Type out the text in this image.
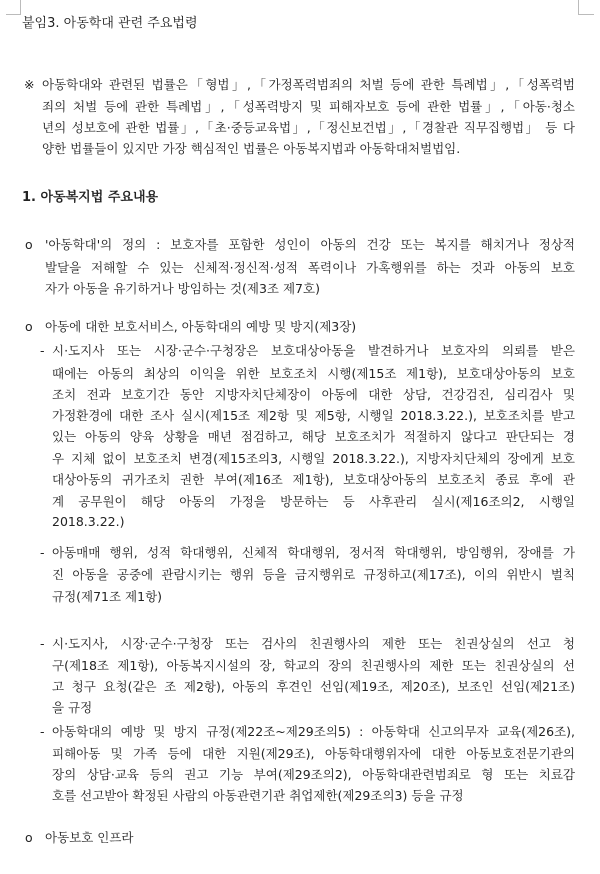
붙임3. 아동학대 관련 주요법령
※ 아동학대와 관련된 법률은「형법」,「가정폭력범죄의 처벌 등에 관한 특례법」,「성폭력범
죄의 처벌 등에 관한 특례법」,「성폭력방지 및 피해자보호 등에 관한 법률」,「아동·청소
년의 성보호에 관한 법률」,「초·중등교육법」,「정신보건법」,「경찰관 직무집행법」 등 다
양한 법률들이 있지만 가장 핵심적인 법률은 아동복지법과 아동학대처벌법임.
1. 아동복지법 주요내용
o '아동학대'의 정의 : 보호자를 포함한 성인이 아동의 건강 또는 복지를 해치거나 정상적
발달을 저해할 수 있는 신체적·정신적·성적 폭력이나 가혹행위를 하는 것과 아동의 보호
자가 아동을 유기하거나 방임하는 것(제3조 제7호)
o 아동에 대한 보호서비스, 아동학대의 예방 및 방지(제3장)
- 시·도지사 또는 시장·군수·구청장은 보호대상아동을 발견하거나 보호자의 의뢰를 받은
때에는 아동의 최상의 이익을 위한 보호조치 시행(제15조 제1항), 보호대상아동의 보호
조치 전과 보호기간 동안 지방자치단체장이 아동에 대한 상담, 건강검진, 심리검사 및
가정환경에 대한 조사 실시(제15조 제2항 및 제5항, 시행일 2018.3.22.), 보호조치를 받고
있는 아동의 양육 상황을 매년 점검하고, 해당 보호조치가 적절하지 않다고 판단되는 경
우 지체 없이 보호조치 변경(제15조의3, 시행일 2018.3.22.), 지방자치단체의 장에게 보호
대상아동의 귀가조치 권한 부여(제16조 제1항), 보호대상아동의 보호조치 종료 후에 관
계 공무원이 해당 아동의 가정을 방문하는 등 사후관리 실시(제16조의2, 시행일
2018.3.22.)
- 아동매매 행위, 성적 학대행위, 신체적 학대행위, 정서적 학대행위, 방임행위, 장애를 가
진 아동을 공중에 관람시키는 행위 등을 금지행위로 규정하고(제17조), 이의 위반시 벌칙
규정(제71조 제1항)
- 시·도지사, 시장·군수·구청장 또는 검사의 친권행사의 제한 또는 친권상실의 선고 청
구(제18조 제1항), 아동복지시설의 장, 학교의 장의 친권행사의 제한 또는 친권상실의 선
고 청구 요청(같은 조 제2항), 아동의 후견인 선임(제19조, 제20조), 보조인 선임(제21조)
을 규정
- 아동학대의 예방 및 방지 규정(제22조~제29조의5) : 아동학대 신고의무자 교육(제26조),
피해아동 및 가족 등에 대한 지원(제29조), 아동학대행위자에 대한 아동보호전문기관의
장의 상담·교육 등의 권고 기능 부여(제29조의2), 아동학대관련범죄로 형 또는 치료감
호를 선고받아 확정된 사람의 아동관련기관 취업제한(제29조의3) 등을 규정
o 아동보호 인프라
